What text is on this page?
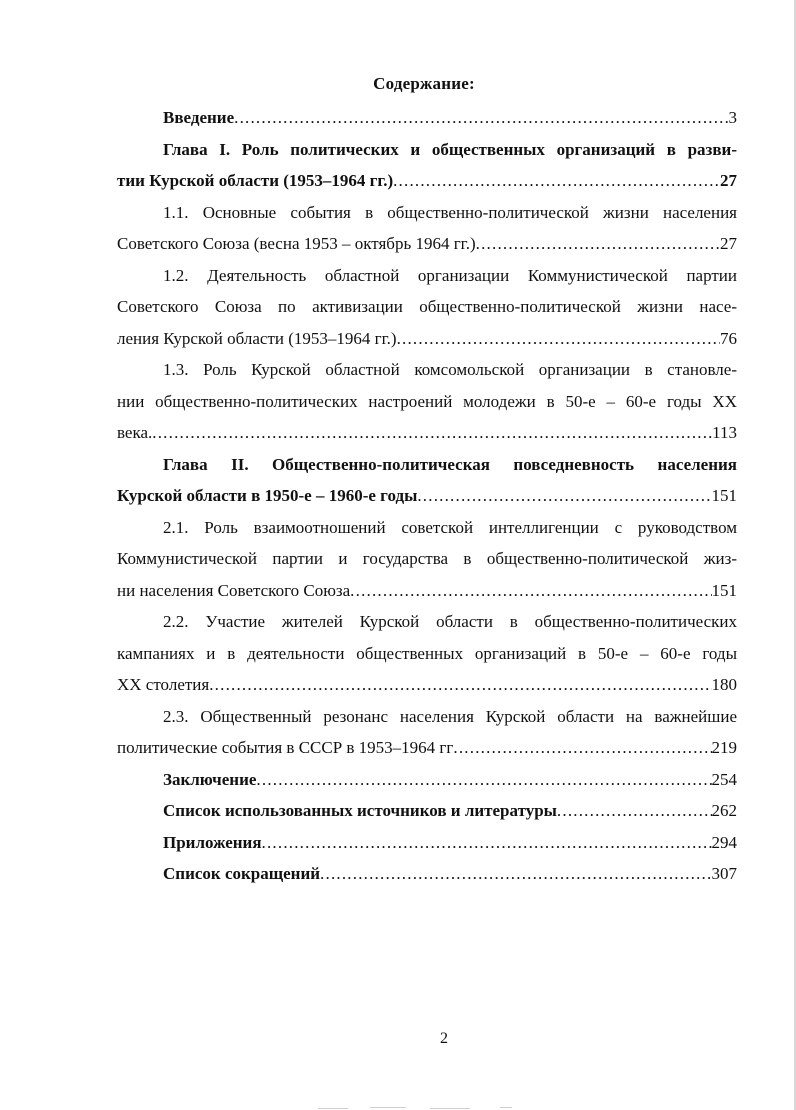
Содержание:
Введение .....	3
Глава I. Роль политических и общественных организаций в разви-
тии Курской области (1953–1964 гг.) .....	27
1.1. Основные события в общественно-политической жизни населения
Советского Союза (весна 1953 – октябрь 1964 гг.) .....	27
1.2. Деятельность областной организации Коммунистической партии
Советского Союза по активизации общественно-политической жизни насе-
ления Курской области (1953–1964 гг.) .....	76
1.3. Роль Курской областной комсомольской организации в становле-
нии общественно-политических настроений молодежи в 50-е – 60-е годы XX
века. .....	113
Глава II. Общественно-политическая повседневность населения
Курской области в 1950-е – 1960-е годы .....	151
2.1. Роль взаимоотношений советской интеллигенции с руководством
Коммунистической партии и государства в общественно-политической жиз-
ни населения Советского Союза .....	151
2.2. Участие жителей Курской области в общественно-политических
кампаниях и в деятельности общественных организаций в 50-е – 60-е годы
XX столетия .....	180
2.3. Общественный резонанс населения Курской области на важнейшие
политические события в СССР в 1953–1964 гг .....	219
Заключение .....	254
Список использованных источников и литературы .....	262
Приложения .....	294
Список сокращений .....	307
2
